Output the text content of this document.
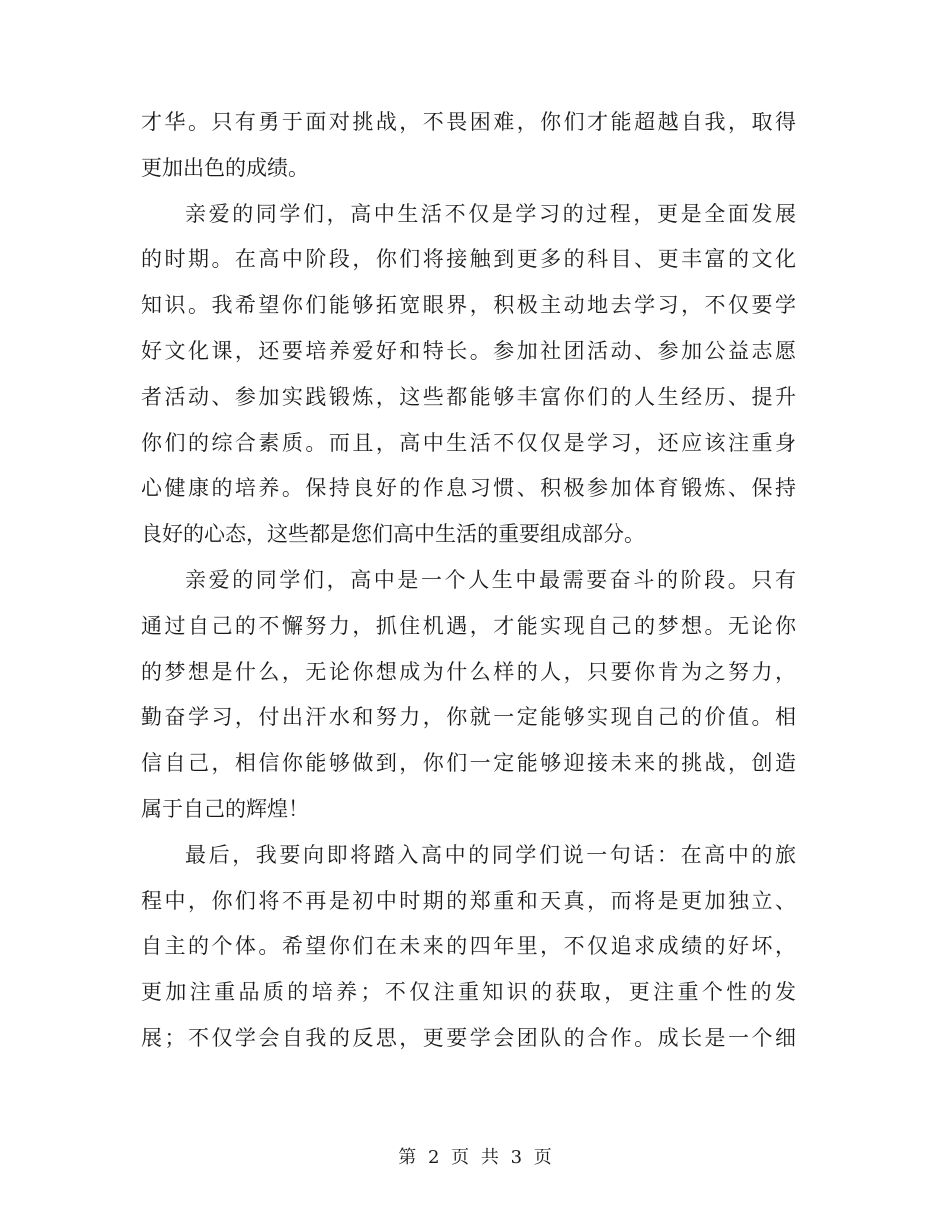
才华。只有勇于面对挑战，不畏困难，你们才能超越自我，取得
更加出色的成绩。
亲爱的同学们，高中生活不仅是学习的过程，更是全面发展
的时期。在高中阶段，你们将接触到更多的科目、更丰富的文化
知识。我希望你们能够拓宽眼界，积极主动地去学习，不仅要学
好文化课，还要培养爱好和特长。参加社团活动、参加公益志愿
者活动、参加实践锻炼，这些都能够丰富你们的人生经历、提升
你们的综合素质。而且，高中生活不仅仅是学习，还应该注重身
心健康的培养。保持良好的作息习惯、积极参加体育锻炼、保持
良好的心态，这些都是您们高中生活的重要组成部分。
亲爱的同学们，高中是一个人生中最需要奋斗的阶段。只有
通过自己的不懈努力，抓住机遇，才能实现自己的梦想。无论你
的梦想是什么，无论你想成为什么样的人，只要你肯为之努力，
勤奋学习，付出汗水和努力，你就一定能够实现自己的价值。相
信自己，相信你能够做到，你们一定能够迎接未来的挑战，创造
属于自己的辉煌！
最后，我要向即将踏入高中的同学们说一句话：在高中的旅
程中，你们将不再是初中时期的郑重和天真，而将是更加独立、
自主的个体。希望你们在未来的四年里，不仅追求成绩的好坏，
更加注重品质的培养；不仅注重知识的获取，更注重个性的发
展；不仅学会自我的反思，更要学会团队的合作。成长是一个细
第 2 页 共 3 页
